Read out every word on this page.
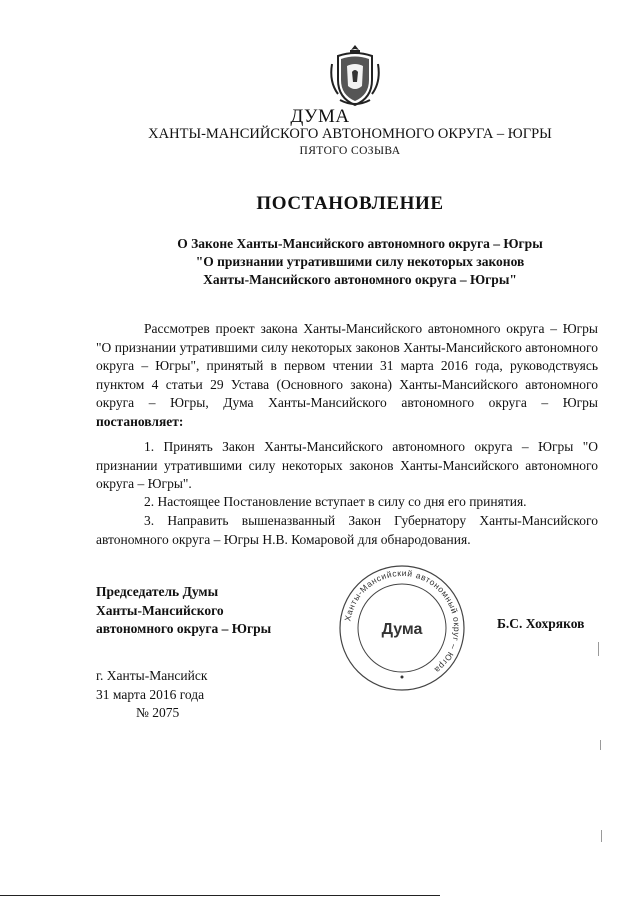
ДУМА
ХАНТЫ-МАНСИЙСКОГО АВТОНОМНОГО ОКРУГА – ЮГРЫ
ПЯТОГО СОЗЫВА
ПОСТАНОВЛЕНИЕ
О Законе Ханты-Мансийского автономного округа – Югры
"О признании утратившими силу некоторых законов
Ханты-Мансийского автономного округа – Югры"
Рассмотрев проект закона Ханты-Мансийского автономного округа – Югры "О признании утратившими силу некоторых законов Ханты-Мансийского автономного округа – Югры", принятый в первом чтении 31 марта 2016 года, руководствуясь пунктом 4 статьи 29 Устава (Основного закона) Ханты-Мансийского автономного округа – Югры, Дума Ханты-Мансийского автономного округа – Югры постановляет:
1. Принять Закон Ханты-Мансийского автономного округа – Югры "О признании утратившими силу некоторых законов Ханты-Мансийского автономного округа – Югры".
2. Настоящее Постановление вступает в силу со дня его принятия.
3. Направить вышеназванный Закон Губернатору Ханты-Мансийского автономного округа – Югры Н.В. Комаровой для обнародования.
Председатель Думы
Ханты-Мансийского
автономного округа – Югры
Ханты-Мансийский автономный округ – Югра
Дума	Б.С. Хохряков
г. Ханты-Мансийск
31 марта 2016 года
№ 2075
